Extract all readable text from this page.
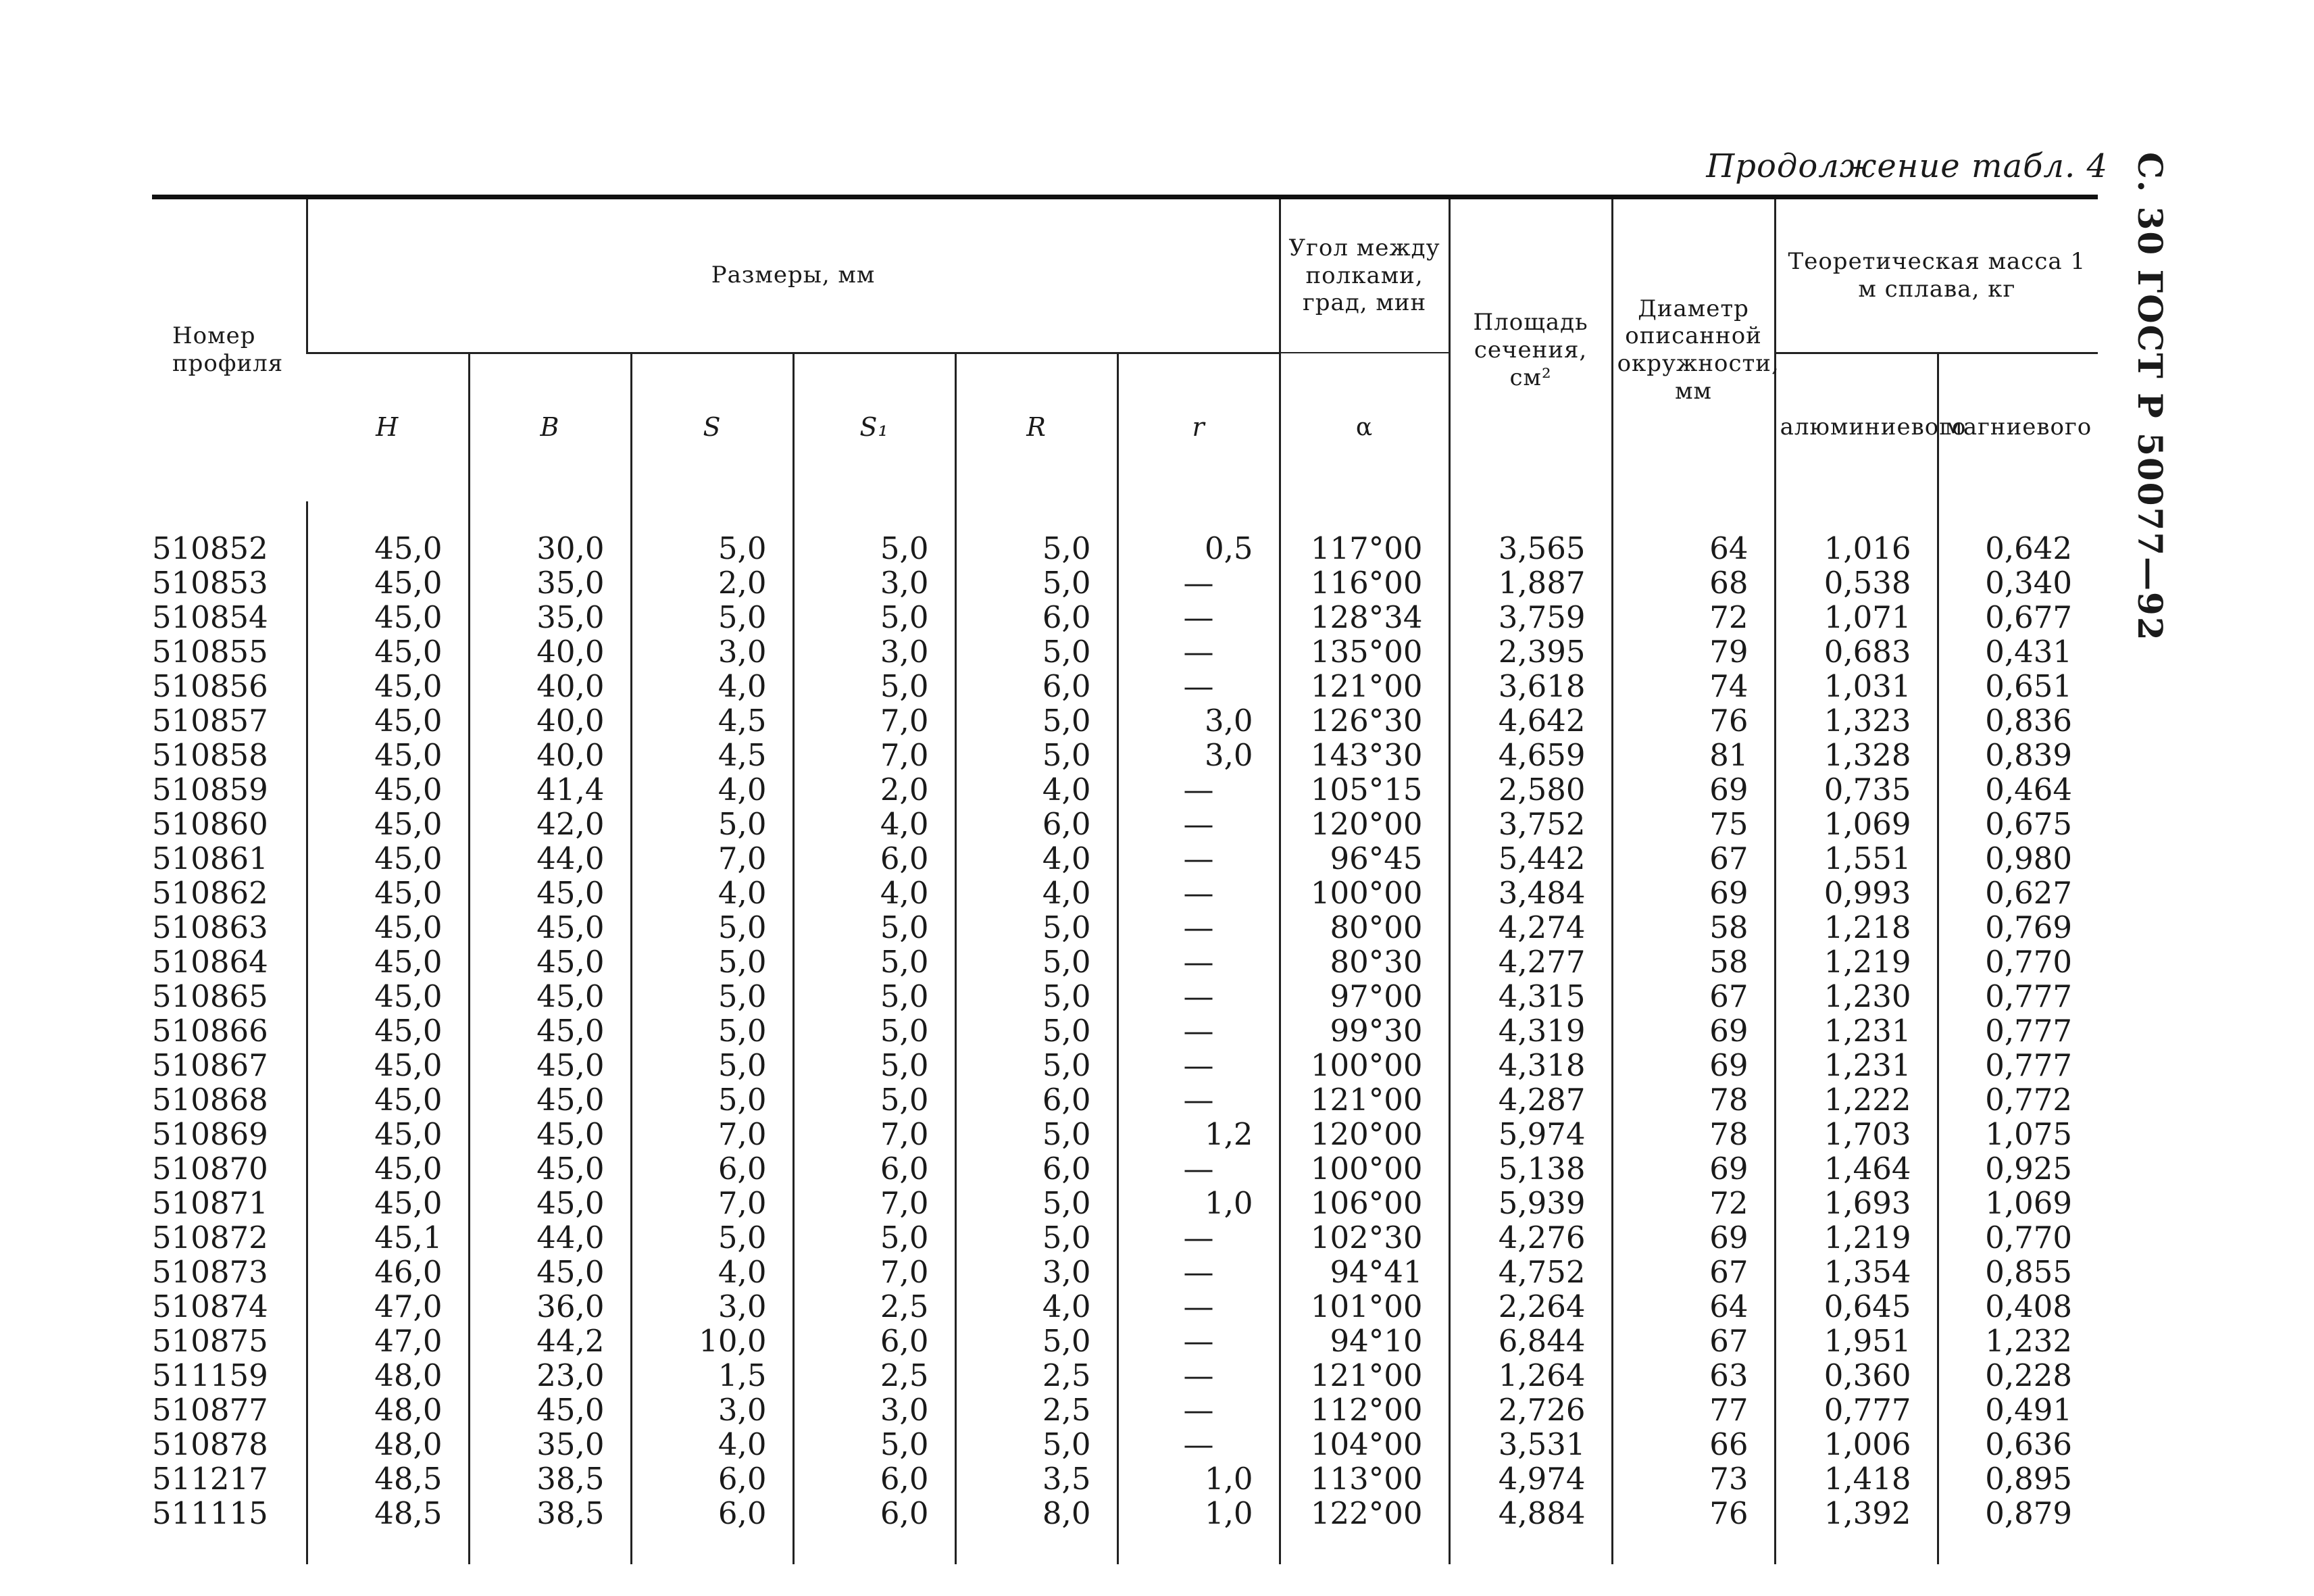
Продолжение табл. 4 С. 30 ГОСТ Р 50077—92
Номер профиля	Размеры, мм						Угол между полками, град, мин	Площадь сечения, см²	Диаметр описанной окружности, мм	Теоретическая масса 1 м сплава, кг	
	H	B	S	S₁	R	r	α			алюминиевого	магниевого

510852	45,0	30,0	5,0	5,0	5,0	0,5	117°00	3,565	64	1,016	0,642
510853	45,0	35,0	2,0	3,0	5,0	—	116°00	1,887	68	0,538	0,340
510854	45,0	35,0	5,0	5,0	6,0	—	128°34	3,759	72	1,071	0,677
510855	45,0	40,0	3,0	3,0	5,0	—	135°00	2,395	79	0,683	0,431
510856	45,0	40,0	4,0	5,0	6,0	—	121°00	3,618	74	1,031	0,651
510857	45,0	40,0	4,5	7,0	5,0	3,0	126°30	4,642	76	1,323	0,836
510858	45,0	40,0	4,5	7,0	5,0	3,0	143°30	4,659	81	1,328	0,839
510859	45,0	41,4	4,0	2,0	4,0	—	105°15	2,580	69	0,735	0,464
510860	45,0	42,0	5,0	4,0	6,0	—	120°00	3,752	75	1,069	0,675
510861	45,0	44,0	7,0	6,0	4,0	—	96°45	5,442	67	1,551	0,980
510862	45,0	45,0	4,0	4,0	4,0	—	100°00	3,484	69	0,993	0,627
510863	45,0	45,0	5,0	5,0	5,0	—	80°00	4,274	58	1,218	0,769
510864	45,0	45,0	5,0	5,0	5,0	—	80°30	4,277	58	1,219	0,770
510865	45,0	45,0	5,0	5,0	5,0	—	97°00	4,315	67	1,230	0,777
510866	45,0	45,0	5,0	5,0	5,0	—	99°30	4,319	69	1,231	0,777
510867	45,0	45,0	5,0	5,0	5,0	—	100°00	4,318	69	1,231	0,777
510868	45,0	45,0	5,0	5,0	6,0	—	121°00	4,287	78	1,222	0,772
510869	45,0	45,0	7,0	7,0	5,0	1,2	120°00	5,974	78	1,703	1,075
510870	45,0	45,0	6,0	6,0	6,0	—	100°00	5,138	69	1,464	0,925
510871	45,0	45,0	7,0	7,0	5,0	1,0	106°00	5,939	72	1,693	1,069
510872	45,1	44,0	5,0	5,0	5,0	—	102°30	4,276	69	1,219	0,770
510873	46,0	45,0	4,0	7,0	3,0	—	94°41	4,752	67	1,354	0,855
510874	47,0	36,0	3,0	2,5	4,0	—	101°00	2,264	64	0,645	0,408
510875	47,0	44,2	10,0	6,0	5,0	—	94°10	6,844	67	1,951	1,232
511159	48,0	23,0	1,5	2,5	2,5	—	121°00	1,264	63	0,360	0,228
510877	48,0	45,0	3,0	3,0	2,5	—	112°00	2,726	77	0,777	0,491
510878	48,0	35,0	4,0	5,0	5,0	—	104°00	3,531	66	1,006	0,636
511217	48,5	38,5	6,0	6,0	3,5	1,0	113°00	4,974	73	1,418	0,895
511115	48,5	38,5	6,0	6,0	8,0	1,0	122°00	4,884	76	1,392	0,879
